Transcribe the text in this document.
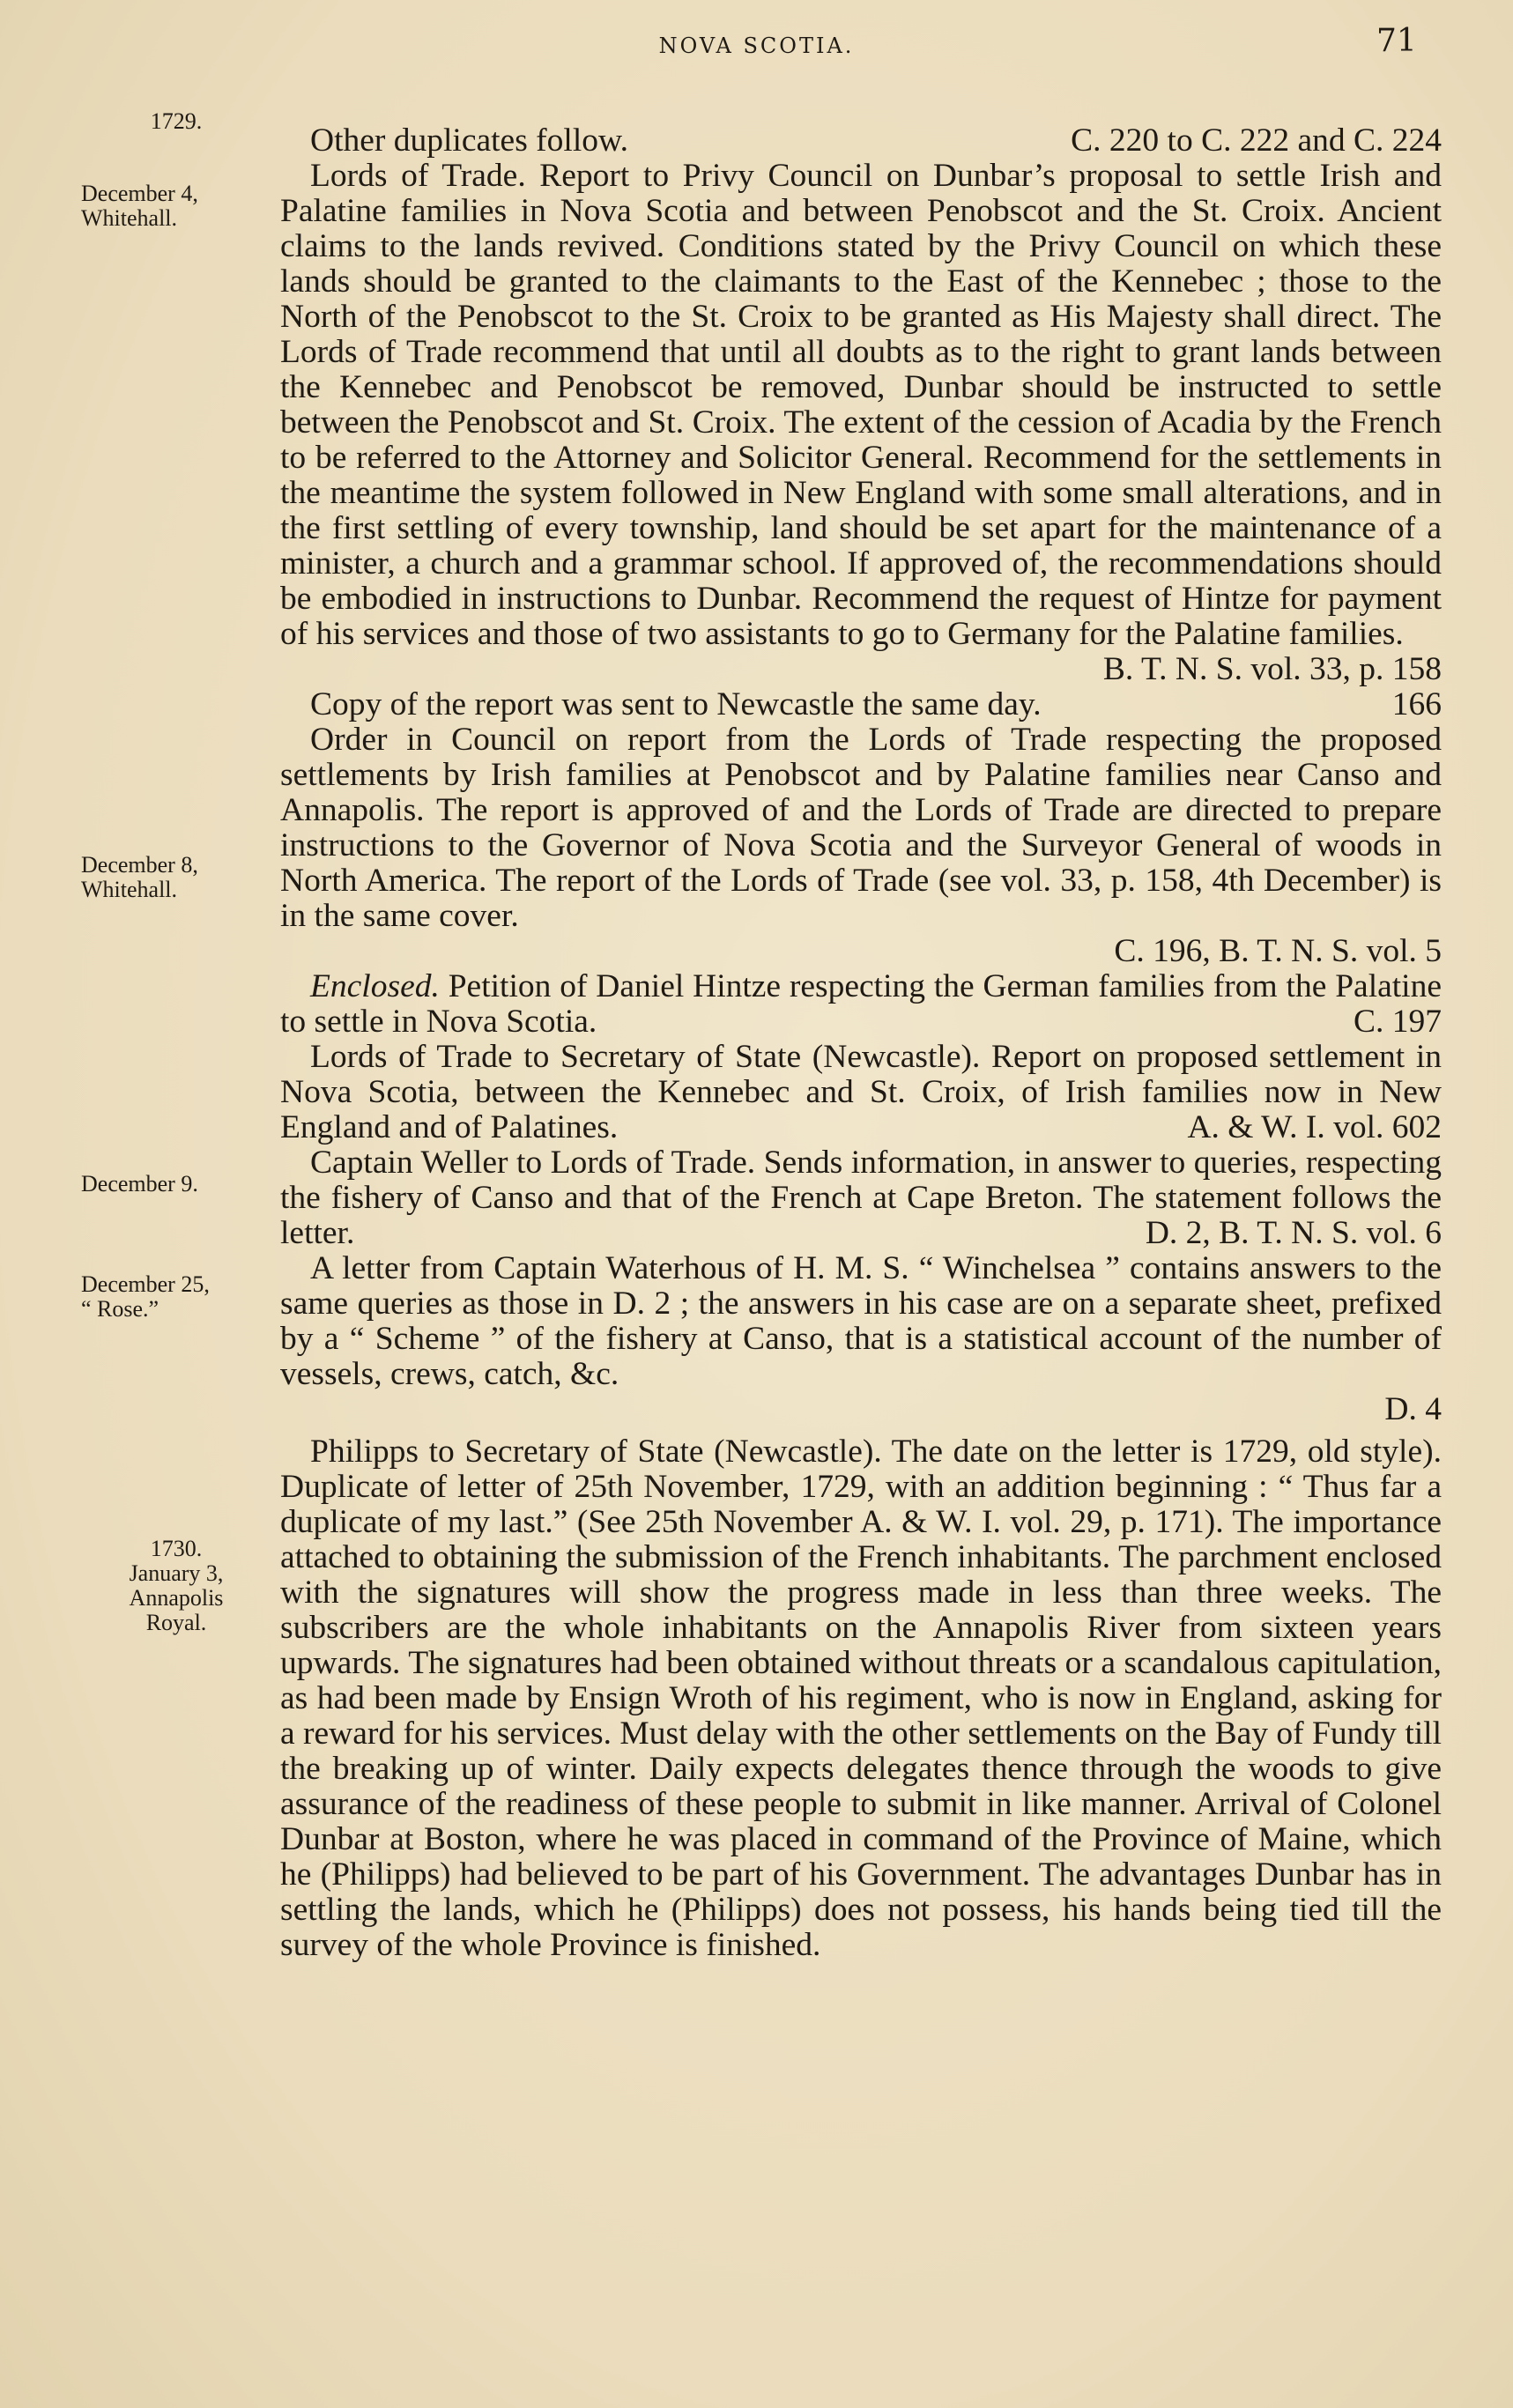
NOVA SCOTIA.	71
1729.
December 4,
Whitehall.
December 8,
Whitehall.
December 9.
December 25,
“ Rose.”
1730.
January 3,
Annapolis
Royal.

Other duplicates follow.	C. 220 to C. 222 and C. 224

Lords of Trade. Report to Privy Council on Dunbar’s proposal to settle Irish and Palatine families in Nova Scotia and between Penobscot and the St. Croix. Ancient claims to the lands revived. Conditions stated by the Privy Council on which these lands should be granted to the claimants to the East of the Kennebec ; those to the North of the Penobscot to the St. Croix to be granted as His Majesty shall direct. The Lords of Trade recommend that until all doubts as to the right to grant lands between the Kennebec and Penobscot be removed, Dunbar should be instructed to settle between the Penobscot and St. Croix. The extent of the cession of Acadia by the French to be referred to the Attorney and Solicitor General. Recommend for the settlements in the meantime the system followed in New England with some small alterations, and in the first settling of every township, land should be set apart for the maintenance of a minister, a church and a grammar school. If approved of, the recommendations should be embodied in instructions to Dunbar. Recommend the request of Hintze for payment of his services and those of two assistants to go to Germany for the Palatine families.

B. T. N. S. vol. 33, p. 158

Copy of the report was sent to Newcastle the same day.	166

Order in Council on report from the Lords of Trade respecting the proposed settlements by Irish families at Penobscot and by Palatine families near Canso and Annapolis. The report is approved of and the Lords of Trade are directed to prepare instructions to the Governor of Nova Scotia and the Surveyor General of woods in North America. The report of the Lords of Trade (see vol. 33, p. 158, 4th December) is in the same cover.

C. 196, B. T. N. S. vol. 5

Enclosed. Petition of Daniel Hintze respecting the German families from the Palatine to settle in Nova Scotia.	C. 197

Lords of Trade to Secretary of State (Newcastle). Report on proposed settlement in Nova Scotia, between the Kennebec and St. Croix, of Irish families now in New England and of Palatines.	A. & W. I. vol. 602

Captain Weller to Lords of Trade. Sends information, in answer to queries, respecting the fishery of Canso and that of the French at Cape Breton. The statement follows the letter.	D. 2, B. T. N. S. vol. 6

A letter from Captain Waterhous of H. M. S. “ Winchelsea ” contains answers to the same queries as those in D. 2 ; the answers in his case are on a separate sheet, prefixed by a “ Scheme ” of the fishery at Canso, that is a statistical account of the number of vessels, crews, catch, &c.

D. 4

Philipps to Secretary of State (Newcastle). The date on the letter is 1729, old style). Duplicate of letter of 25th November, 1729, with an addition beginning : “ Thus far a duplicate of my last.” (See 25th November A. & W. I. vol. 29, p. 171). The importance attached to obtaining the submission of the French inhabitants. The parchment enclosed with the signatures will show the progress made in less than three weeks. The subscribers are the whole inhabitants on the Annapolis River from sixteen years upwards. The signatures had been obtained without threats or a scandalous capitulation, as had been made by Ensign Wroth of his regiment, who is now in England, asking for a reward for his services. Must delay with the other settlements on the Bay of Fundy till the breaking up of winter. Daily expects delegates thence through the woods to give assurance of the readiness of these people to submit in like manner. Arrival of Colonel Dunbar at Boston, where he was placed in command of the Province of Maine, which he (Philipps) had believed to be part of his Government. The advantages Dunbar has in settling the lands, which he (Philipps) does not possess, his hands being tied till the survey of the whole Province is finished.
